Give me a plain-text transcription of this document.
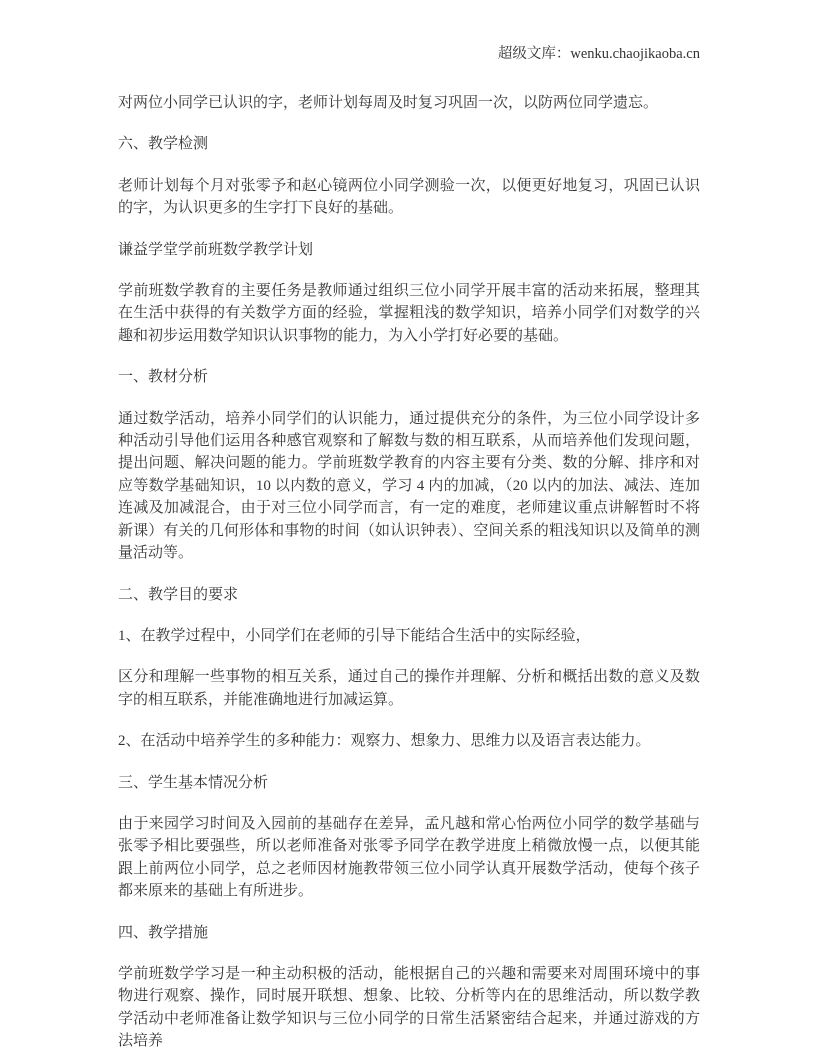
超级文库：wenku.chaojikaoba.cn

对两位小同学已认识的字，老师计划每周及时复习巩固一次，以防两位同学遗忘。

六、教学检测

老师计划每个月对张零予和赵心镜两位小同学测验一次，以便更好地复习，巩固已认识的字，为认识更多的生字打下良好的基础。

谦益学堂学前班数学教学计划

学前班数学教育的主要任务是教师通过组织三位小同学开展丰富的活动来拓展，整理其在生活中获得的有关数学方面的经验，掌握粗浅的数学知识，培养小同学们对数学的兴趣和初步运用数学知识认识事物的能力，为入小学打好必要的基础。

一、教材分析

通过数学活动，培养小同学们的认识能力，通过提供充分的条件，为三位小同学设计多种活动引导他们运用各种感官观察和了解数与数的相互联系，从而培养他们发现问题，提出问题、解决问题的能力。学前班数学教育的内容主要有分类、数的分解、排序和对应等数学基础知识，10 以内数的意义，学习 4 内的加减，（20 以内的加法、减法、连加连减及加减混合，由于对三位小同学而言，有一定的难度，老师建议重点讲解暂时不将新课）有关的几何形体和事物的时间（如认识钟表）、空间关系的粗浅知识以及简单的测量活动等。

二、教学目的要求

1、在教学过程中，小同学们在老师的引导下能结合生活中的实际经验，

区分和理解一些事物的相互关系，通过自己的操作并理解、分析和概括出数的意义及数字的相互联系，并能准确地进行加减运算。

2、在活动中培养学生的多种能力：观察力、想象力、思维力以及语言表达能力。

三、学生基本情况分析

由于来园学习时间及入园前的基础存在差异，孟凡越和常心怡两位小同学的数学基础与张零予相比要强些，所以老师准备对张零予同学在教学进度上稍微放慢一点，以便其能跟上前两位小同学，总之老师因材施教带领三位小同学认真开展数学活动，使每个孩子都来原来的基础上有所进步。

四、教学措施

学前班数学学习是一种主动积极的活动，能根据自己的兴趣和需要来对周围环境中的事物进行观察、操作，同时展开联想、想象、比较、分析等内在的思维活动，所以数学教学活动中老师准备让数学知识与三位小同学的日常生活紧密结合起来，并通过游戏的方法培养
